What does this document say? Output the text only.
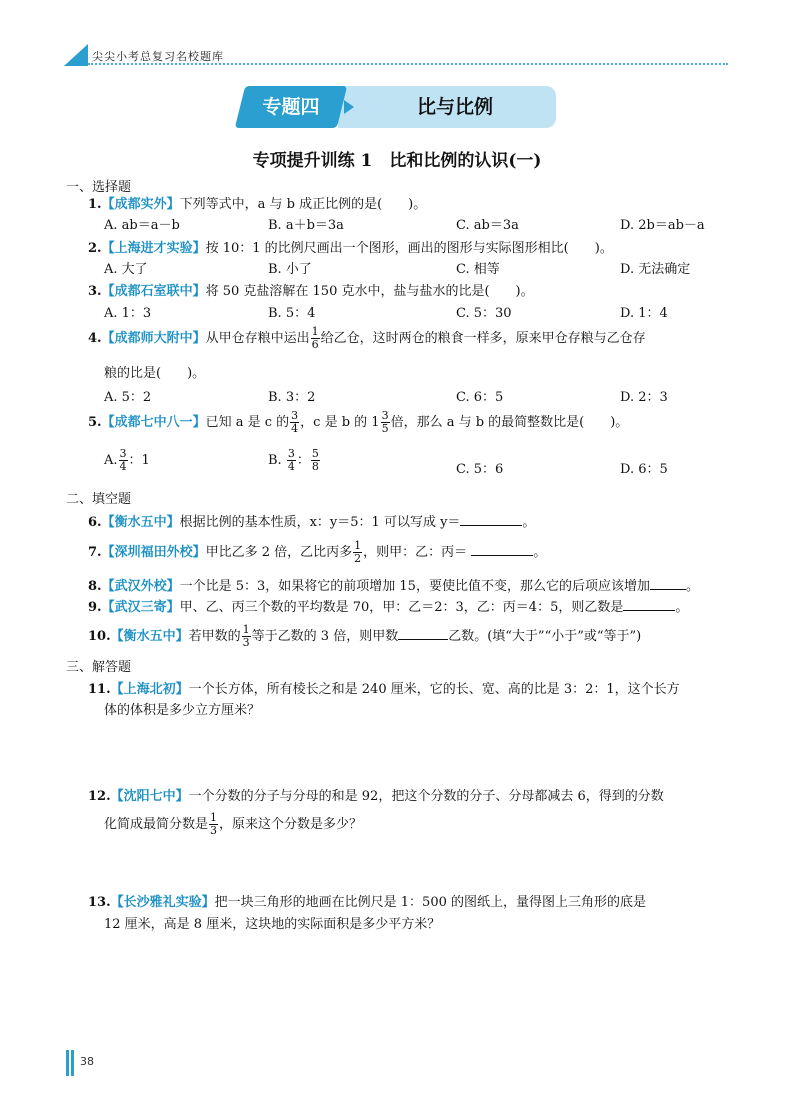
尖尖小考总复习名校题库
专题四	比与比例
专项提升训练 1　比和比例的认识(一)
一、选择题
1.【成都实外】下列等式中，a 与 b 成正比例的是(　　)。
A. ab＝a－b	B. a＋b＝3a	C. ab＝3a	D. 2b＝ab－a
2.【上海进才实验】按 10：1 的比例尺画出一个图形，画出的图形与实际图形相比(　　)。
A. 大了	B. 小了	C. 相等	D. 无法确定
3.【成都石室联中】将 50 克盐溶解在 150 克水中，盐与盐水的比是(　　)。
A. 1：3	B. 5：4	C. 5：30	D. 1：4
4.【成都师大附中】从甲仓存粮中运出 $\frac{1}{6}$ 给乙仓，这时两仓的粮食一样多，原来甲仓存粮与乙仓存
粮的比是(　　)。
A. 5：2	B. 3：2	C. 6：5	D. 2：3
5.【成都七中八一】已知 a 是 c 的 $\frac{3}{4}$ ，c 是 b 的 $1 \frac{3}{5}$ 倍，那么 a 与 b 的最简整数比是(　　)。
A. $\frac{3}{4}$ ：1	B. $\frac{3}{4}$ ： $\frac{5}{8}$	C. 5：6	D. 6：5
二、填空题
6.【衡水五中】根据比例的基本性质，x：y＝5：1 可以写成 y＝	。
7.【深圳福田外校】甲比乙多 2 倍，乙比丙多 $\frac{1}{2}$ ，则甲：乙：丙＝	。
8.【武汉外校】一个比是 5：3，如果将它的前项增加 15，要使比值不变，那么它的后项应该增加	。
9.【武汉三寄】甲、乙、丙三个数的平均数是 70，甲：乙＝2：3，乙：丙＝4：5，则乙数是	。
10.【衡水五中】若甲数的 $\frac{1}{3}$ 等于乙数的 3 倍，则甲数	乙数。(填“大于”“小于”或“等于”)
三、解答题
11.【上海北初】一个长方体，所有棱长之和是 240 厘米，它的长、宽、高的比是 3：2：1，这个长方
体的体积是多少立方厘米？
12.【沈阳七中】一个分数的分子与分母的和是 92，把这个分数的分子、分母都减去 6，得到的分数
化简成最简分数是 $\frac{1}{3}$ ，原来这个分数是多少？
13.【长沙雅礼实验】把一块三角形的地画在比例尺是 1：500 的图纸上，量得图上三角形的底是
12 厘米，高是 8 厘米，这块地的实际面积是多少平方米？
38
